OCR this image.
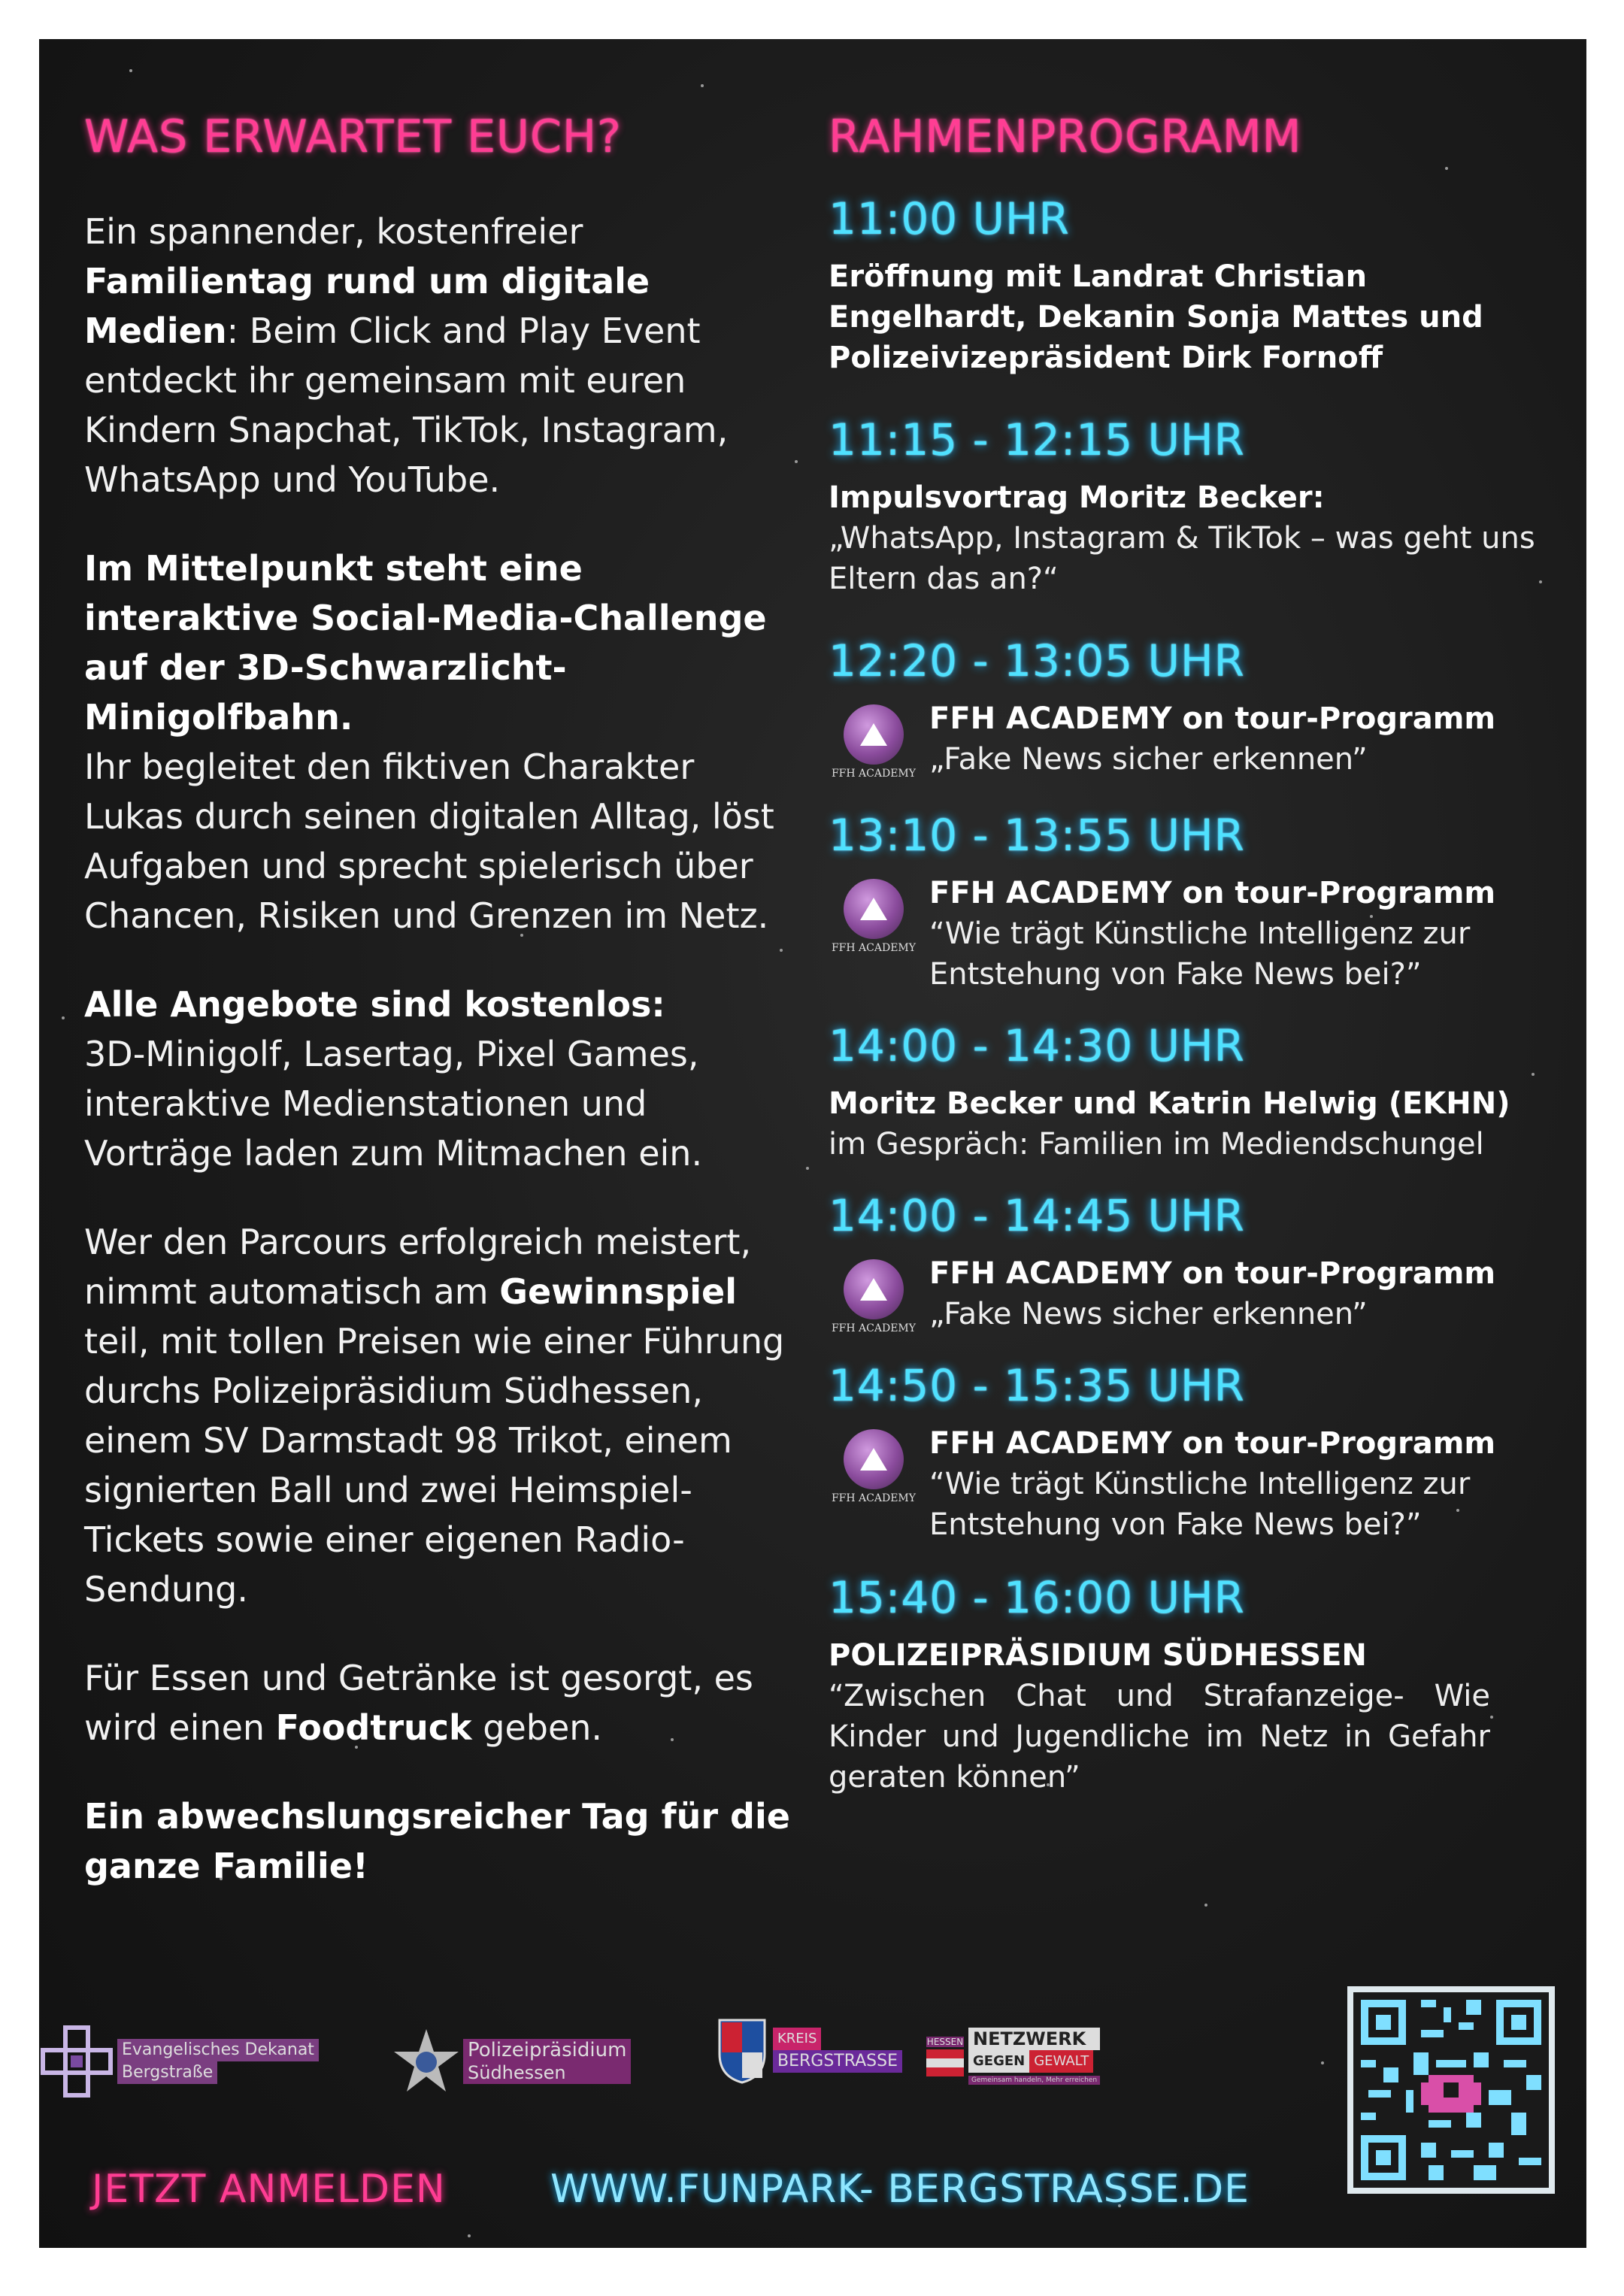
WAS ERWARTET EUCH?

Ein spannender, kostenfreier Familientag rund um digitale Medien: Beim Click and Play Event entdeckt ihr gemeinsam mit euren Kindern Snapchat, TikTok, Instagram, WhatsApp und YouTube.

Im Mittelpunkt steht eine interaktive Social-Media-Challenge auf der 3D-Schwarzlicht-Minigolfbahn.
Ihr begleitet den fiktiven Charakter Lukas durch seinen digitalen Alltag, löst Aufgaben und sprecht spielerisch über Chancen, Risiken und Grenzen im Netz.

Alle Angebote sind kostenlos:
3D-Minigolf, Lasertag, Pixel Games, interaktive Medienstationen und Vorträge laden zum Mitmachen ein.

Wer den Parcours erfolgreich meistert, nimmt automatisch am Gewinnspiel teil, mit tollen Preisen wie einer Führung durchs Polizeipräsidium Südhessen, einem SV Darmstadt 98 Trikot, einem signierten Ball und zwei Heimspiel-Tickets sowie einer eigenen Radio-Sendung.

Für Essen und Getränke ist gesorgt, es wird einen Foodtruck geben.

Ein abwechslungsreicher Tag für die ganze Familie!

RAHMENPROGRAMM
11:00 UHR
Eröffnung mit Landrat Christian Engelhardt, Dekanin Sonja Mattes und Polizeivizepräsident Dirk Fornoff
11:15 - 12:15 UHR
Impulsvortrag Moritz Becker:
„WhatsApp, Instagram & TikTok – was geht uns Eltern das an?“
12:20 - 13:05 UHR
FFH ACADEMY
FFH ACADEMY on tour-Programm
„Fake News sicher erkennen”
13:10 - 13:55 UHR
FFH ACADEMY
FFH ACADEMY on tour-Programm
“Wie trägt Künstliche Intelligenz zur Entstehung von Fake News bei?”
14:00 - 14:30 UHR
Moritz Becker und Katrin Helwig (EKHN)
im Gespräch: Familien im Mediendschungel
14:00 - 14:45 UHR
FFH ACADEMY
FFH ACADEMY on tour-Programm
„Fake News sicher erkennen”
14:50 - 15:35 UHR
FFH ACADEMY
FFH ACADEMY on tour-Programm
“Wie trägt Künstliche Intelligenz zur Entstehung von Fake News bei?”
15:40 - 16:00 UHR
POLIZEIPRÄSIDIUM SÜDHESSEN
“Zwischen Chat und Strafanzeige- Wie Kinder und Jugendliche im Netz in Gefahr geraten können”
Evangelisches Dekanat
Bergstraße
Polizeipräsidium
Südhessen
KREIS
BERGSTRASSE
HESSEN NETZWERK
GEGEN GEWALT
Gemeinsam handeln, Mehr erreichen
JETZT ANMELDEN	WWW.FUNPARK- BERGSTRASSE.DE
